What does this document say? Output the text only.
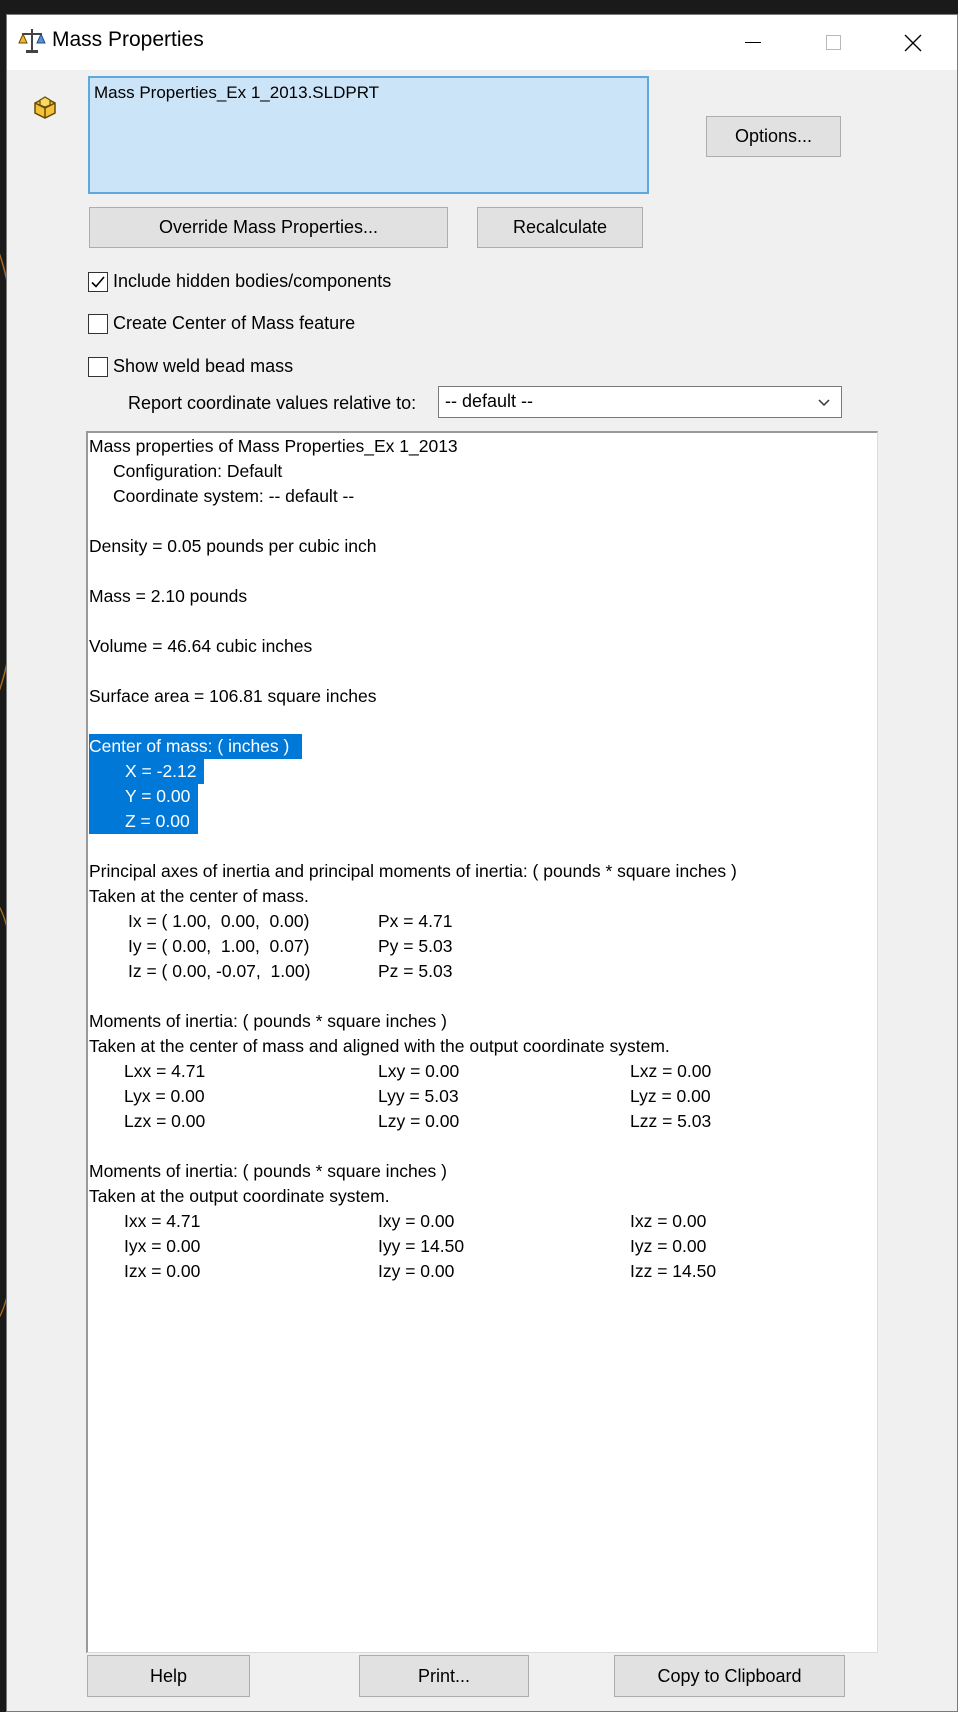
Mass Properties
Mass Properties_Ex 1_2013.SLDPRT
Options...
Override Mass Properties...	Recalculate
Include hidden bodies/components
Create Center of Mass feature
Show weld bead mass
Report coordinate values relative to:	-- default --
Mass properties of Mass Properties_Ex 1_2013
Configuration: Default
Coordinate system: -- default --
Density = 0.05 pounds per cubic inch
Mass = 2.10 pounds
Volume = 46.64 cubic inches
Surface area = 106.81 square inches
Center of mass: ( inches )
X = -2.12
Y = 0.00
Z = 0.00
Principal axes of inertia and principal moments of inertia: ( pounds * square inches )
Taken at the center of mass.
Ix = ( 1.00,  0.00,  0.00)	Px = 4.71
Iy = ( 0.00,  1.00,  0.07)	Py = 5.03
Iz = ( 0.00, -0.07,  1.00)	Pz = 5.03
Moments of inertia: ( pounds * square inches )
Taken at the center of mass and aligned with the output coordinate system.
Lxx = 4.71	Lxy = 0.00	Lxz = 0.00
Lyx = 0.00	Lyy = 5.03	Lyz = 0.00
Lzx = 0.00	Lzy = 0.00	Lzz = 5.03
Moments of inertia: ( pounds * square inches )
Taken at the output coordinate system.
Ixx = 4.71	Ixy = 0.00	Ixz = 0.00
Iyx = 0.00	Iyy = 14.50	Iyz = 0.00
Izx = 0.00	Izy = 0.00	Izz = 14.50
Help	Print...	Copy to Clipboard
